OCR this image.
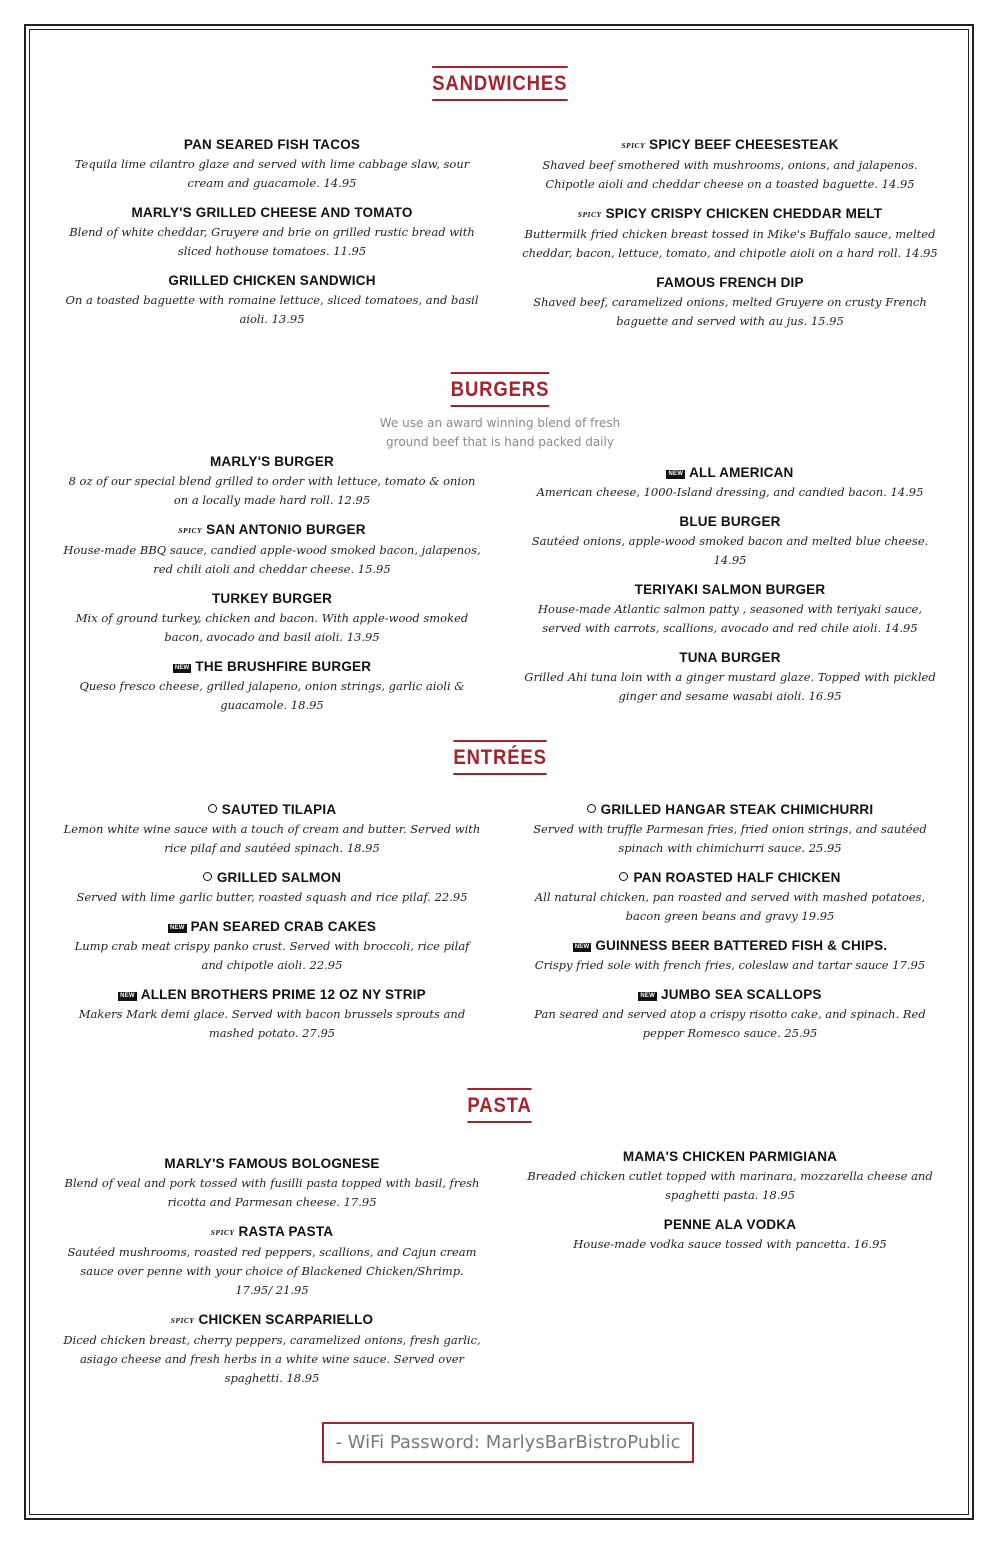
SANDWICHES
PAN SEARED FISH TACOS
Tequila lime cilantro glaze and served with lime cabbage slaw, sour cream and guacamole. 14.95
MARLY'S GRILLED CHEESE AND TOMATO
Blend of white cheddar, Gruyere and brie on grilled rustic bread with sliced hothouse tomatoes. 11.95
GRILLED CHICKEN SANDWICH
On a toasted baguette with romaine lettuce, sliced tomatoes, and basil aioli. 13.95
SPICY SPICY BEEF CHEESESTEAK
Shaved beef smothered with mushrooms, onions, and jalapenos. Chipotle aioli and cheddar cheese on a toasted baguette. 14.95
SPICY SPICY CRISPY CHICKEN CHEDDAR MELT
Buttermilk fried chicken breast tossed in Mike's Buffalo sauce, melted cheddar, bacon, lettuce, tomato, and chipotle aioli on a hard roll. 14.95
FAMOUS FRENCH DIP
Shaved beef, caramelized onions, melted Gruyere on crusty French baguette and served with au jus. 15.95
BURGERS
We use an award winning blend of fresh
ground beef that is hand packed daily
MARLY'S BURGER
8 oz of our special blend grilled to order with lettuce, tomato & onion on a locally made hard roll. 12.95
SPICY SAN ANTONIO BURGER
House-made BBQ sauce, candied apple-wood smoked bacon, jalapenos, red chili aioli and cheddar cheese. 15.95
TURKEY BURGER
Mix of ground turkey, chicken and bacon. With apple-wood smoked bacon, avocado and basil aioli. 13.95
NEW THE BRUSHFIRE BURGER
Queso fresco cheese, grilled jalapeno, onion strings, garlic aioli & guacamole. 18.95
NEW ALL AMERICAN
American cheese, 1000-Island dressing, and candied bacon. 14.95
BLUE BURGER
Sautéed onions, apple-wood smoked bacon and melted blue cheese. 14.95
TERIYAKI SALMON BURGER
House-made Atlantic salmon patty , seasoned with teriyaki sauce, served with carrots, scallions, avocado and red chile aioli. 14.95
TUNA BURGER
Grilled Ahi tuna loin with a ginger mustard glaze. Topped with pickled ginger and sesame wasabi aioli. 16.95
ENTRÉES
SAUTED TILAPIA
Lemon white wine sauce with a touch of cream and butter. Served with rice pilaf and sautéed spinach. 18.95
GRILLED SALMON
Served with lime garlic butter, roasted squash and rice pilaf. 22.95
NEW PAN SEARED CRAB CAKES
Lump crab meat crispy panko crust. Served with broccoli, rice pilaf and chipotle aioli. 22.95
NEW ALLEN BROTHERS PRIME 12 OZ NY STRIP
Makers Mark demi glace. Served with bacon brussels sprouts and mashed potato. 27.95
GRILLED HANGAR STEAK CHIMICHURRI
Served with truffle Parmesan fries, fried onion strings, and sautéed spinach with chimichurri sauce. 25.95
PAN ROASTED HALF CHICKEN
All natural chicken, pan roasted and served with mashed potatoes, bacon green beans and gravy 19.95
NEW GUINNESS BEER BATTERED FISH & CHIPS.
Crispy fried sole with french fries, coleslaw and tartar sauce 17.95
NEW JUMBO SEA SCALLOPS
Pan seared and served atop a crispy risotto cake, and spinach. Red pepper Romesco sauce. 25.95
PASTA
MARLY'S FAMOUS BOLOGNESE
Blend of veal and pork tossed with fusilli pasta topped with basil, fresh ricotta and Parmesan cheese. 17.95
SPICY RASTA PASTA
Sautéed mushrooms, roasted red peppers, scallions, and Cajun cream sauce over penne with your choice of Blackened Chicken/Shrimp. 17.95/ 21.95
SPICY CHICKEN SCARPARIELLO
Diced chicken breast, cherry peppers, caramelized onions, fresh garlic, asiago cheese and fresh herbs in a white wine sauce. Served over spaghetti. 18.95
MAMA'S CHICKEN PARMIGIANA
Breaded chicken cutlet topped with marinara, mozzarella cheese and spaghetti pasta. 18.95
PENNE ALA VODKA
House-made vodka sauce tossed with pancetta. 16.95
- WiFi Password: MarlysBarBistroPublic
